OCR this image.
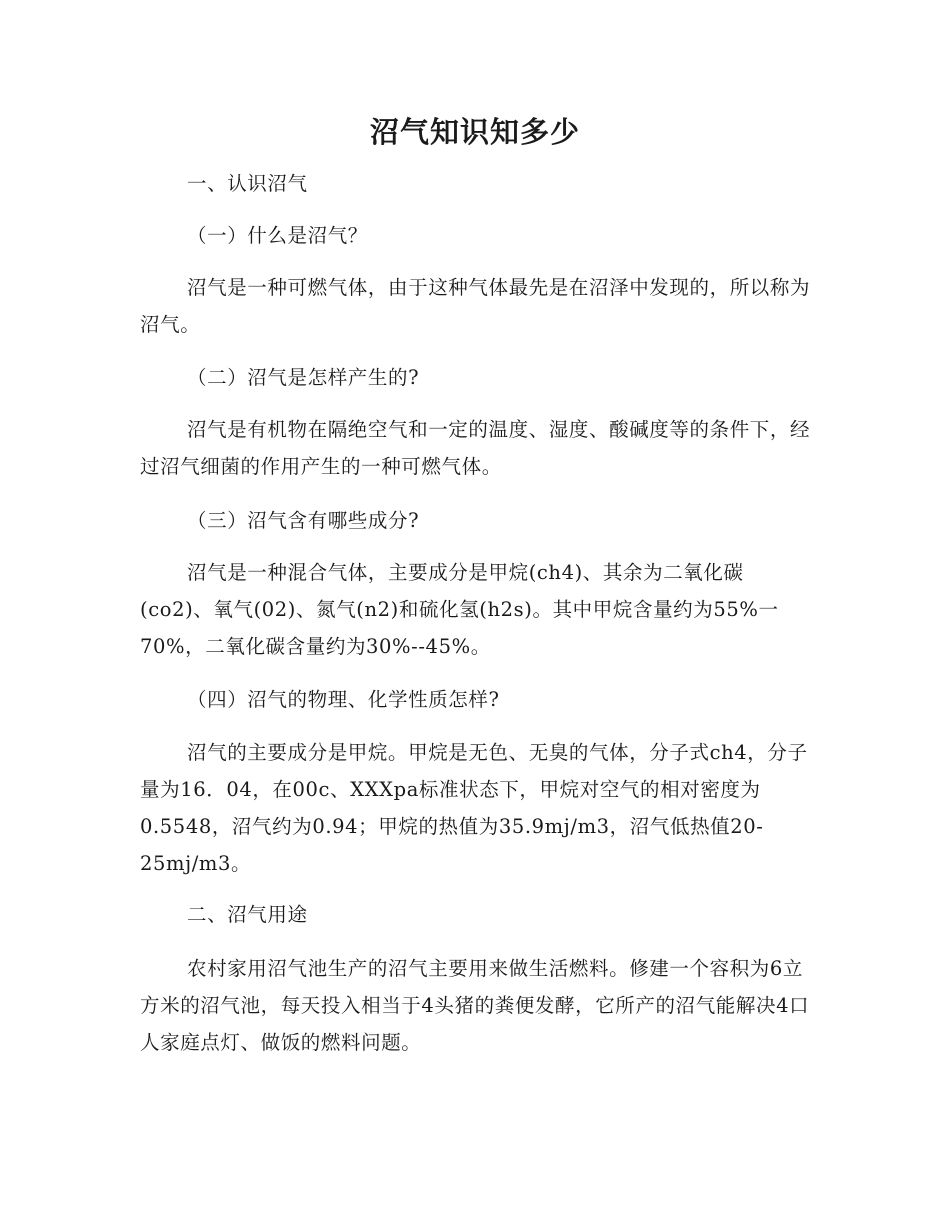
沼气知识知多少

一、认识沼气

（一）什么是沼气？

沼气是一种可燃气体，由于这种气体最先是在沼泽中发现的，所以称为沼气。

（二）沼气是怎样产生的?

沼气是有机物在隔绝空气和一定的温度、湿度、酸碱度等的条件下，经过沼气细菌的作用产生的一种可燃气体。

（三）沼气含有哪些成分?

沼气是一种混合气体，主要成分是甲烷(ch4)、其余为二氧化碳(co2)、氧气(02)、氮气(n2)和硫化氢(h2s)。其中甲烷含量约为55%一70%，二氧化碳含量约为30%--45%。

（四）沼气的物理、化学性质怎样?

沼气的主要成分是甲烷。甲烷是无色、无臭的气体，分子式ch4，分子量为16．04，在00c、XXXpa标准状态下，甲烷对空气的相对密度为0.5548，沼气约为0.94；甲烷的热值为35.9mj/m3，沼气低热值20-25mj/m3。

二、沼气用途

农村家用沼气池生产的沼气主要用来做生活燃料。修建一个容积为6立方米的沼气池，每天投入相当于4头猪的粪便发酵，它所产的沼气能解决4口人家庭点灯、做饭的燃料问题。
